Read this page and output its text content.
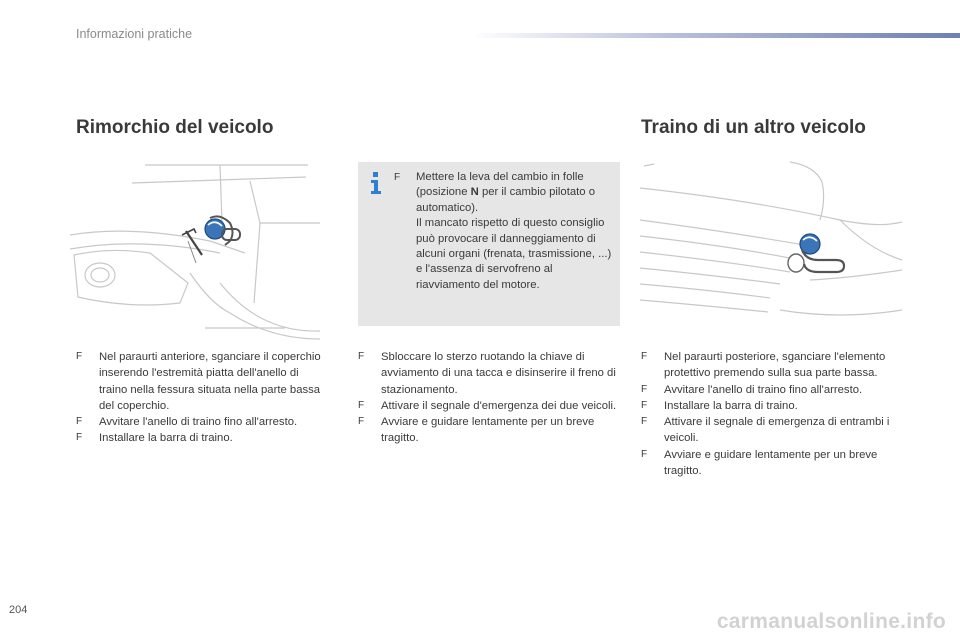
Informazioni pratiche
Rimorchio del veicolo	Traino di un altro veicolo
F	Mettere la leva del cambio in folle (posizione N per il cambio pilotato o automatico).
Il mancato rispetto di questo consiglio può provocare il danneggiamento di alcuni organi (frenata, trasmissione, ...)
e l'assenza di servofreno al riavviamento del motore.
F Nel paraurti anteriore, sganciare il coperchio inserendo l'estremità piatta dell'anello di traino nella fessura situata nella parte bassa del coperchio.
F Avvitare l'anello di traino fino all'arresto.
F Installare la barra di traino.
F Sbloccare lo sterzo ruotando la chiave di avviamento di una tacca e disinserire il freno di stazionamento.
F Attivare il segnale d'emergenza dei due veicoli.
F Avviare e guidare lentamente per un breve tragitto.
F Nel paraurti posteriore, sganciare l'elemento protettivo premendo sulla sua parte bassa.
F Avvitare l'anello di traino fino all'arresto.
F Installare la barra di traino.
F Attivare il segnale di emergenza di entrambi i veicoli.
F Avviare e guidare lentamente per un breve tragitto.
204	carmanualsonline.info
